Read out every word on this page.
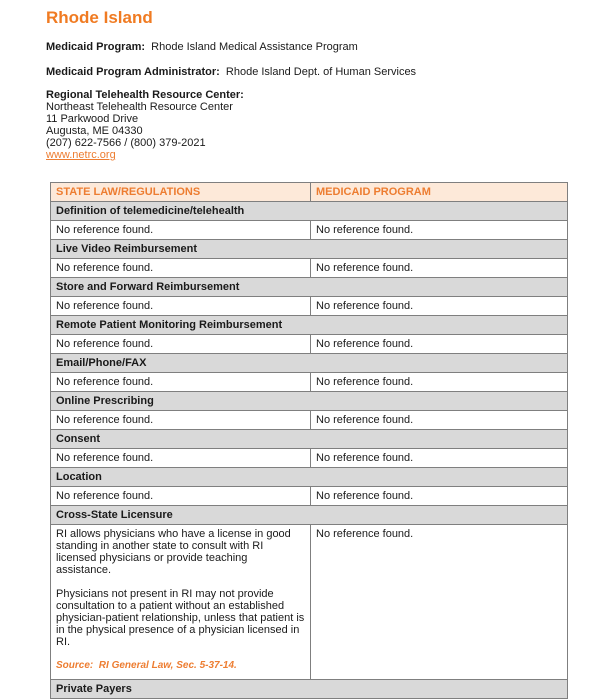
Rhode Island
Medicaid Program:  Rhode Island Medical Assistance Program
Medicaid Program Administrator:  Rhode Island Dept. of Human Services
Regional Telehealth Resource Center:
Northeast Telehealth Resource Center
11 Parkwood Drive
Augusta, ME 04330
(207) 622-7566 / (800) 379-2021
www.netrc.org
STATE LAW/REGULATIONS	MEDICAID PROGRAM
Definition of telemedicine/telehealth	

No reference found.	No reference found.

Live Video Reimbursement	

No reference found.	No reference found.

Store and Forward Reimbursement	

No reference found.	No reference found.

Remote Patient Monitoring Reimbursement	

No reference found.	No reference found.

Email/Phone/FAX	

No reference found.	No reference found.

Online Prescribing	

No reference found.	No reference found.

Consent	

No reference found.	No reference found.

Location	

No reference found.	No reference found.

Cross-State Licensure	

RI allows physicians who have a license in good standing in another state to consult with RI licensed physicians or provide teaching assistance.
Physicians not present in RI may not provide consultation to a patient without an established physician-patient relationship, unless that patient is in the physical presence of a physician licensed in RI.
Source:  RI General Law, Sec. 5-37-14.	No reference found.

Private Payers	
